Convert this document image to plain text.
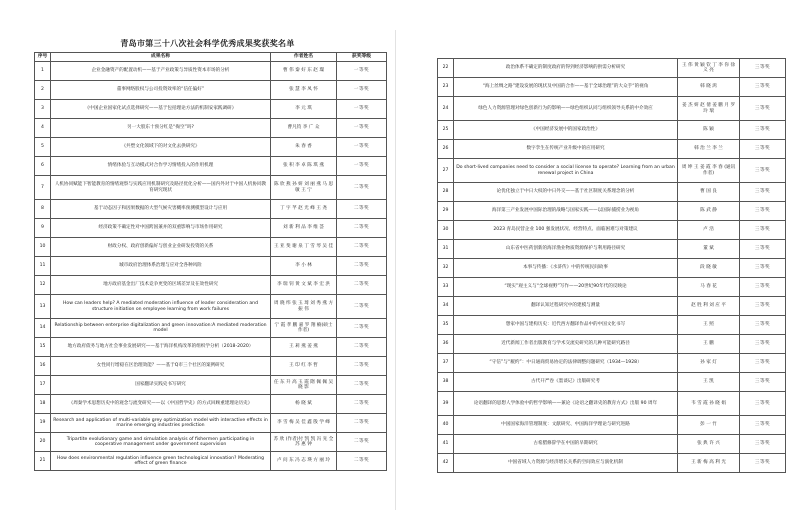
青岛市第三十八次社会科学优秀成果奖获奖名单
序号	成果名称	作者姓名	获奖等级
1	企业金融资产的配置动机——基于产业政策与异质性资本市场的分析	曹 伟 秦 好 东 赵 璨	一等奖
2	董事网络股权与公司投资效率的“信任偏好”	张 慧 李 凤 怀	一等奖
3	《中国企业国家化试点选择研究——基于包括理论方法的机制安家践调研》	李 元 琪	一等奖
4	另一大股东十预分红是“掏空”吗?	曹凡钧 李 广 众	一等奖
5	《共塑文化领域下的对文化去供研究》	朱 春 香	一等奖
6	情绪体验与互动模式对合作学习情绪投入的作用机理	张 积 李 卓 陈 琪 燕	一等奖
7	人机协同赋能下智能教育的情绪观察与实践应用机制研究及路径优化分析——国内外对于中国人机协同教育研究现状	陈 欣 燕 孙 妍 刘 丽 燕 马 思 敏 王 宁	二等奖
8	基于动态因子和因果数据的大型气候灾害概率预测模型设计与应用	丁 宇 芊 赵 光 峰 王 尧	二等奖
9	经济政策不确定性对中国跨国兼并的双重影响与市场作用研究	刘 新 利 品 李 维 荟	二等奖
10	财政分权、政府创新偏好与创业企业研发投资的关系	王 亚 斐 谢 泉 丁 雪 琴 吴 佳	二等奖
11	城市政府治理体系治理与应对全各种风险	李 小 林	二等奖
12	地方政府基金出厂技术竞争更变的区域差异及在效性研究	李 瑞 钊 黄 文 斌 李 宏 洪	二等奖
13	How can leaders help? A mediated moderation influence of leader consideration and structure initiation on employee learning from work failures	周 晓 纬 张 玉 琦 刘 秀 燕 方 振 伟	二等奖
14	Relationship between enterprise digitalization and green innovation:A mediated moderation model	宁 霞 孝 鹏 嘉 罗 翔 楠(硕士作者)	二等奖
15	地方政府债务与地方社会事业发展研究——基于海洋机构改革的组织学分析（2018-2020）	王 莉 燕 姜 燕	二等奖
16	女性同行增稳在区治理效能？——基于Q市三个社区的案例研究	王 印 红 李 哲	二等奖
17	国家翻译实践史书写研究	任 东 升 高 玉 霞 隋 佩 佩 吴 晓 影	二等奖
18	《周秦学术思想历史中的观念与流变研究——以《中国哲学史》的方式回顾重建理论历史》	杨 晓 斌	二等奖
19	Research and application of multi-variable grey optimization model with interactive effects in marine emerging industries prediction	李 雪 梅 吴 佳 鑫 殷 学 峰	二等奖
20	Tripartite evolutionary game and simulation analysis of fishermen participating in cooperative management under government supervision	苏 欣 (作者)付 凯 凯 冯 先 全 苏 惠 钟	二等奖
21	How does environmental regulation influence green technological innovation? Moderating effect of green finance	卢 问 东 冯 志 瑛 方 丽 玲	二等奖
22	政治体系不确定的制度政府的得到经济影响的供需分析研究	王 伟 黄 颖 钦 丁 李 你 徐 义 亮	三等奖
23	“海上丝绸之路”建设发展的现状及中国的合作——基于全球治理”的大众手“的视角	韩 晓 鸿	三等奖
24	绿色人力资源管理对绿色创新行为的影响——绿色组织认同与组织领导关系的中介效应	姜 杰 妍 赵 倩 姜 鹏 月 罗 玲 瑞	三等奖
25	《中国经济发展中的国家政治性》	陈 颖	三等奖
26	数字孪生在传统产业升级中的应用研究	韩 治 兰 李 兰	三等奖
27	Do short-lived companies need to consider a social license to operate? Learning from an urban renewal project in China	周 坤 王 姜 霞 李 春 (通讯作者)	三等奖
28	论优化独立于中日大权的中日外交——基于社区制度关系理念的分析	曹 国 良	三等奖
29	海洋第三产业发展中国际治理的战略与国家实践——以国际捕捞业为视角	陈 武 静	三等奖
30	2023 青岛民营企业 100 强发展状况、经营特点、面临困难与对策建议	卢 浩	三等奖
31	山东省中医药创新的海洋渔业物质资源保护与利用路径研究	董 斌	三等奖
32	本事与传播：《水浒传》中的传统民间故事	段 晓 敏	三等奖
33	“现实”观主义与“全球视野”写作——20世纪90年代的反映论	马 春 花	三等奖
34	翻译认知过程研究中的建模与测量	赵 胜 利 刘 应 平	三等奖
35	想家中国与建构历史：近代西方翻译作品中的中国文化书写	王 照	三等奖
36	近代新闻工作者出版教育与学术交流史研究的几种可能研究路径	王 鹏	三等奖
37	“守信”与“履约”：中日通商贸易协定的法律调整问题研究（1934—1928）	孙 家 灯	三等奖
38	古代开严卷《墨谈记》出版研究考	王 凯	三等奖
39	论语翻译的思想人学体验中的哲学影响——兼论《论语之翻译史的教育方式》出版 90 周年	韦 雪 霞 孙 晓 娟	三等奖
40	中国国家海洋管理制度：文献研究、中国海洋学理论与研究进路	彭 一 竹	三等奖
41	古希腊修辞学在中国的早期研究	张 典 许 兴	三等奖
42	中国省域人力资源与经济增长关系的空间效应与演化机制	王 新 梅 高 利 光	三等奖
